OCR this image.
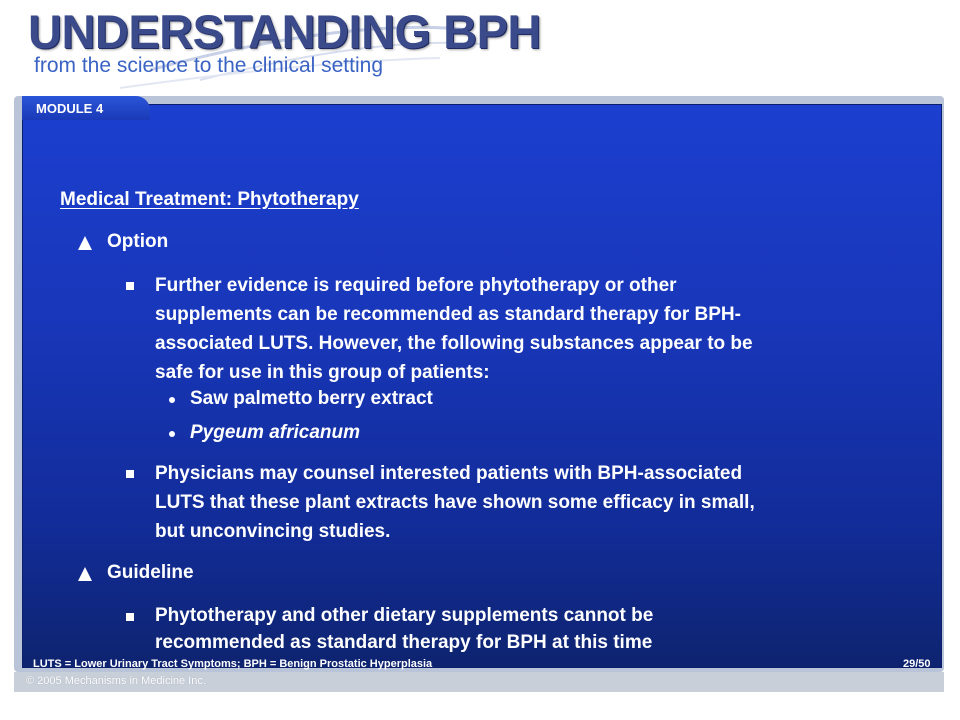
UNDERSTANDING BPH
from the science to the clinical setting
MODULE 4
Medical Treatment: Phytotherapy
Option
Further evidence is required before phytotherapy or other
supplements can be recommended as standard therapy for BPH-
associated LUTS. However, the following substances appear to be
safe for use in this group of patients:
Saw palmetto berry extract
Pygeum africanum
Physicians may counsel interested patients with BPH-associated
LUTS that these plant extracts have shown some efficacy in small,
but unconvincing studies.
Guideline
Phytotherapy and other dietary supplements cannot be
recommended as standard therapy for BPH at this time
LUTS = Lower Urinary Tract Symptoms; BPH = Benign Prostatic Hyperplasia	29/50
© 2005 Mechanisms in Medicine Inc.
